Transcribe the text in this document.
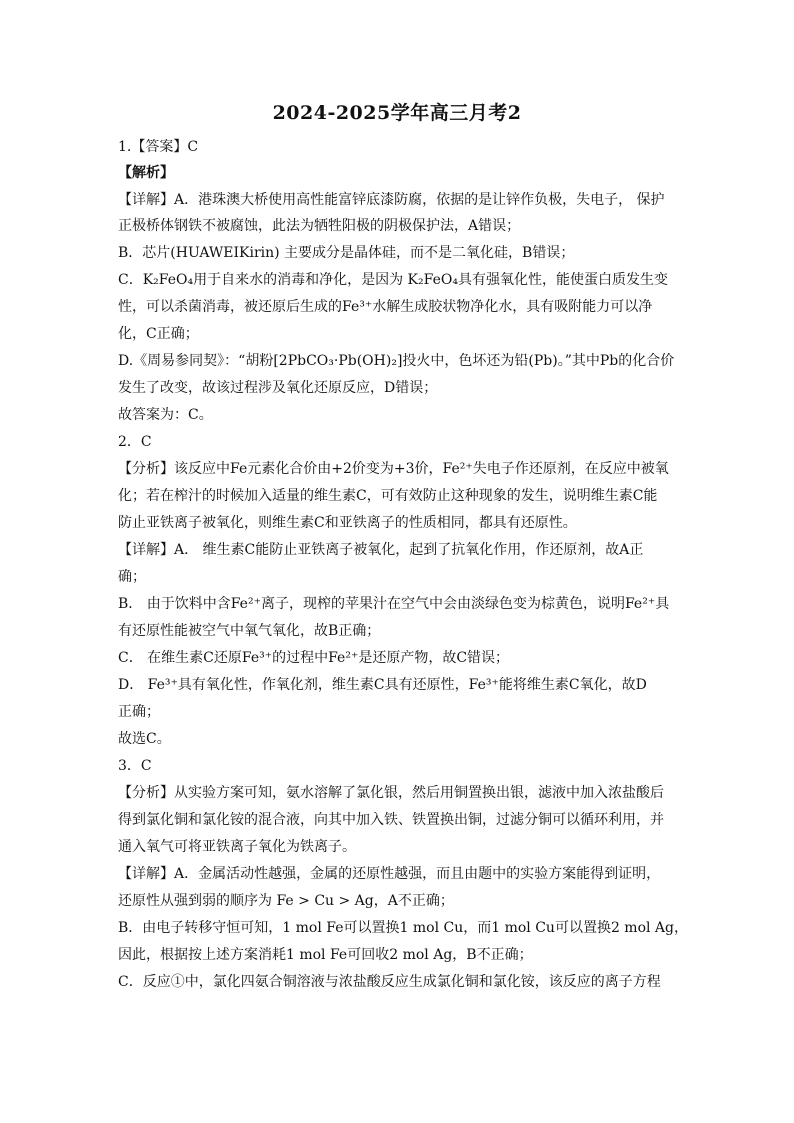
2024-2025学年高三月考2
1.【答案】C
【解析】
【详解】A．港珠澳大桥使用高性能富锌底漆防腐，依据的是让锌作负极，失电子， 保护
正极桥体钢铁不被腐蚀，此法为牺牲阳极的阴极保护法，A错误；
B．芯片(HUAWEIKirin) 主要成分是晶体硅，而不是二氧化硅，B错误；
C．K₂FeO₄用于自来水的消毒和净化，是因为 K₂FeO₄具有强氧化性，能使蛋白质发生变
性，可以杀菌消毒，被还原后生成的Fe³⁺水解生成胶状物净化水，具有吸附能力可以净
化，C正确；
D.《周易参同契》：“胡粉[2PbCO₃·Pb(OH)₂]投火中，色坏还为铅(Pb)。”其中Pb的化合价
发生了改变，故该过程涉及氧化还原反应，D错误；
故答案为：C。
2．C
【分析】该反应中Fe元素化合价由+2价变为+3价，Fe²⁺失电子作还原剂，在反应中被氧
化；若在榨汁的时候加入适量的维生素C，可有效防止这种现象的发生，说明维生素C能
防止亚铁离子被氧化，则维生素C和亚铁离子的性质相同，都具有还原性。
【详解】A． 维生素C能防止亚铁离子被氧化，起到了抗氧化作用，作还原剂，故A正
确；
B． 由于饮料中含Fe²⁺离子，现榨的苹果汁在空气中会由淡绿色变为棕黄色，说明Fe²⁺具
有还原性能被空气中氧气氧化，故B正确；
C． 在维生素C还原Fe³⁺的过程中Fe²⁺是还原产物，故C错误；
D． Fe³⁺具有氧化性，作氧化剂，维生素C具有还原性，Fe³⁺能将维生素C氧化，故D
正确；
故选C。
3．C
【分析】从实验方案可知，氨水溶解了氯化银，然后用铜置换出银，滤液中加入浓盐酸后
得到氯化铜和氯化铵的混合液，向其中加入铁、铁置换出铜，过滤分铜可以循环利用，并
通入氧气可将亚铁离子氧化为铁离子。
【详解】A．金属活动性越强，金属的还原性越强，而且由题中的实验方案能得到证明，
还原性从强到弱的顺序为 Fe > Cu > Ag，A不正确；
B．由电子转移守恒可知，1 mol Fe可以置换1 mol Cu，而1 mol Cu可以置换2 mol Ag，
因此，根据按上述方案消耗1 mol Fe可回收2 mol Ag，B不正确；
C．反应①中，氯化四氨合铜溶液与浓盐酸反应生成氯化铜和氯化铵，该反应的离子方程
